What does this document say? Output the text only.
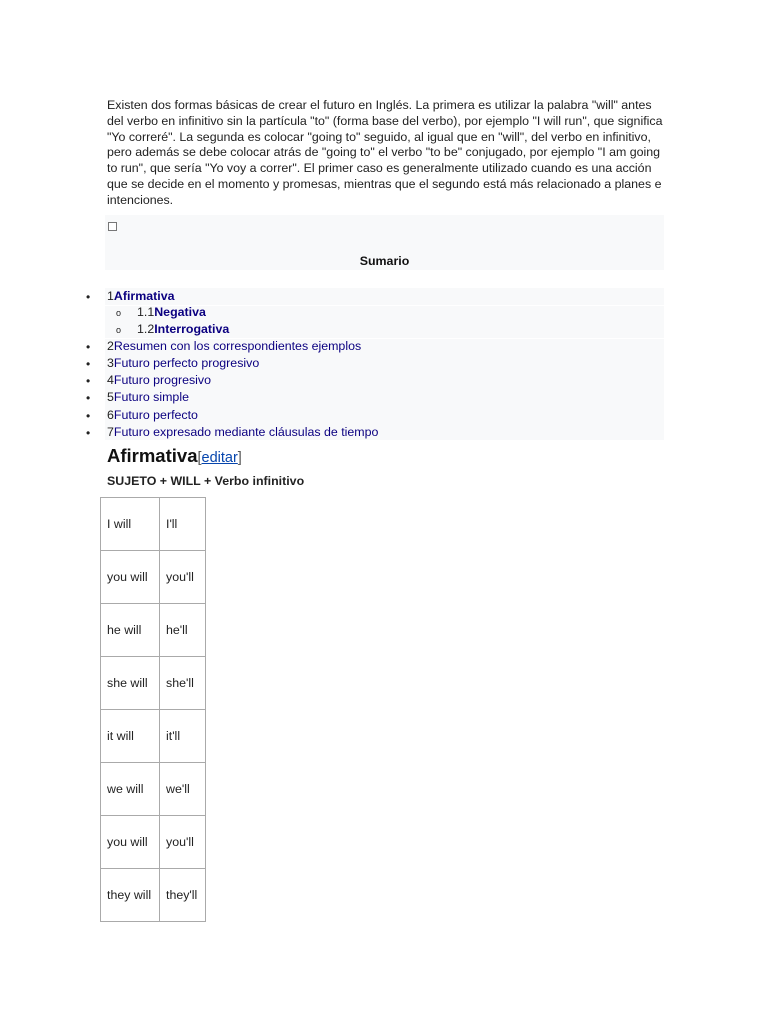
Existen dos formas básicas de crear el futuro en Inglés. La primera es utilizar la palabra "will" antes del verbo en infinitivo sin la partícula "to" (forma base del verbo), por ejemplo "I will run", que significa "Yo correré". La segunda es colocar "going to" seguido, al igual que en "will", del verbo en infinitivo, pero además se debe colocar atrás de "going to" el verbo "to be" conjugado, por ejemplo "I am going to run", que sería "Yo voy a correr". El primer caso es generalmente utilizado cuando es una acción que se decide en el momento y promesas, mientras que el segundo está más relacionado a planes e intenciones.

Sumario
• 1Afirmativa
o 1.1Negativa
o 1.2Interrogativa
• 2Resumen con los correspondientes ejemplos
• 3Futuro perfecto progresivo
• 4Futuro progresivo
• 5Futuro simple
• 6Futuro perfecto
• 7Futuro expresado mediante cláusulas de tiempo
Afirmativa[editar]
SUJETO + WILL + Verbo infinitivo
I will	I'll
you will	you'll
he will	he'll
she will	she'll
it will	it'll
we will	we'll
you will	you'll
they will	they'll
